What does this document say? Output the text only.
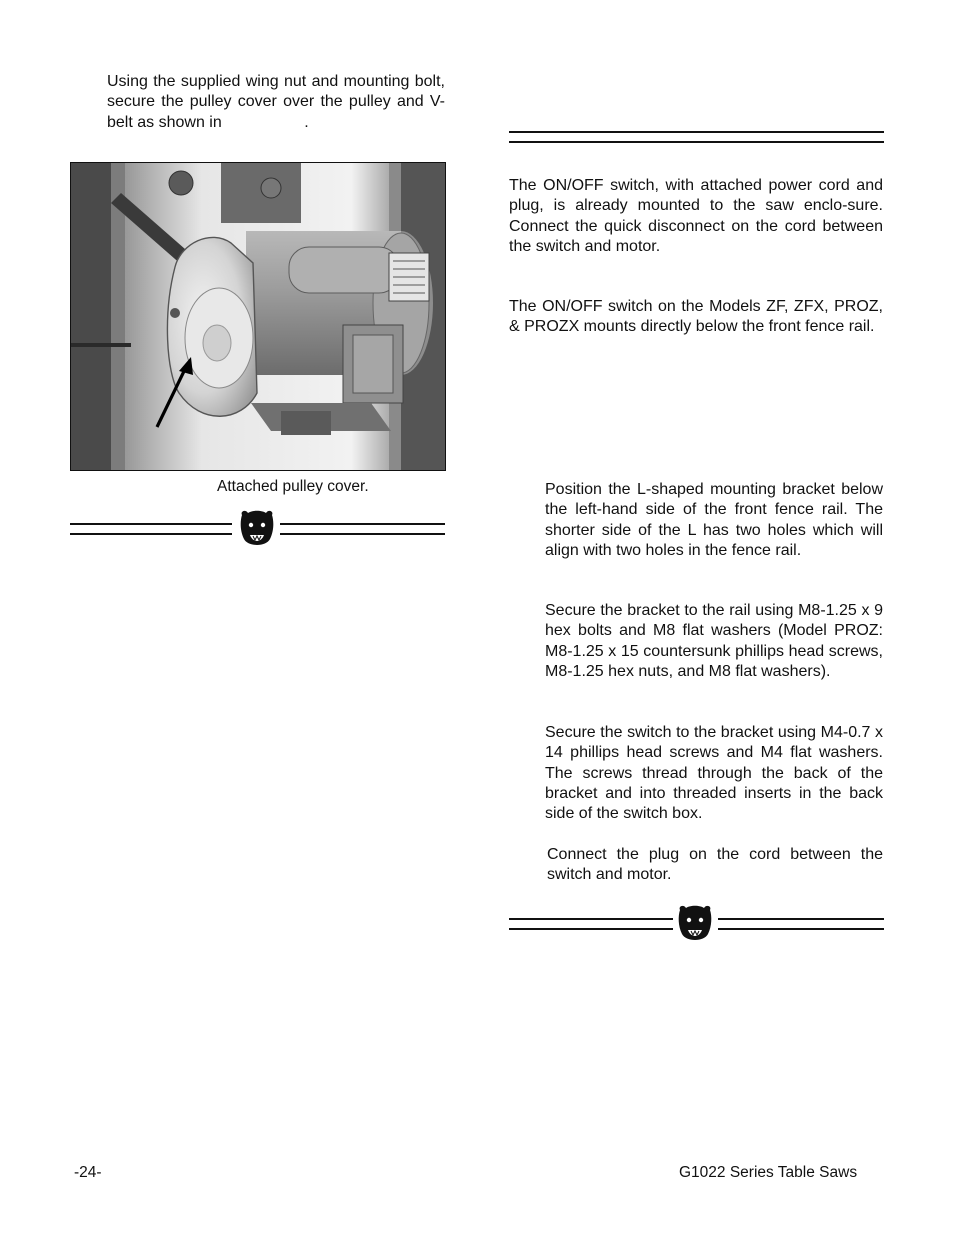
Using the supplied wing nut and mounting bolt, secure the pulley cover over the pulley and V-belt as shown in	.

Attached pulley cover.

The ON/OFF switch, with attached power cord and plug, is already mounted to the saw enclo-sure. Connect the quick disconnect on the cord between the switch and motor.

The ON/OFF switch on the Models ZF, ZFX, PROZ, & PROZX mounts directly below the front fence rail.

Position the L-shaped mounting bracket below the left-hand side of the front fence rail. The shorter side of the L has two holes which will align with two holes in the fence rail.

Secure the bracket to the rail using M8-1.25 x 9 hex bolts and M8 flat washers (Model PROZ: M8-1.25 x 15 countersunk phillips head screws, M8-1.25 hex nuts, and M8 flat washers).

Secure the switch to the bracket using M4-0.7 x 14 phillips head screws and M4 flat washers. The screws thread through the back of the bracket and into threaded inserts in the back side of the switch box.

Connect the plug on the cord between the switch and motor.

-24-	G1022 Series Table Saws
